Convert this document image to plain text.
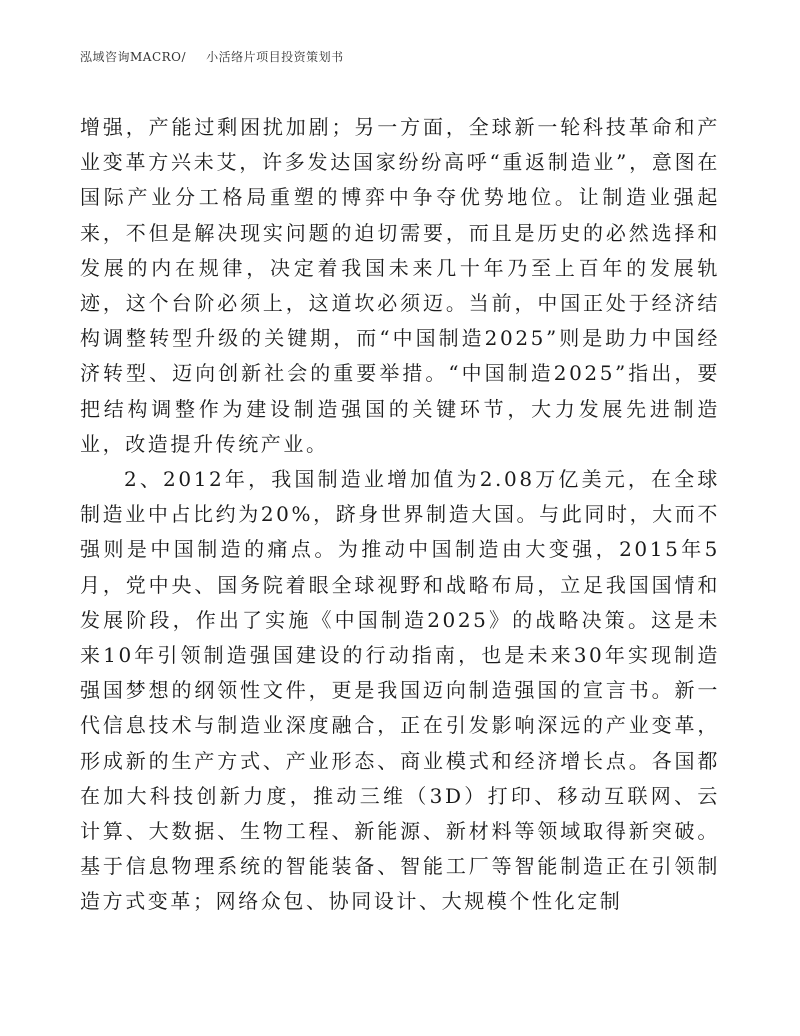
泓域咨询MACRO/ 小活络片项目投资策划书

增强，产能过剩困扰加剧；另一方面，全球新一轮科技革命和产业变革方兴未艾，许多发达国家纷纷高呼“重返制造业”，意图在国际产业分工格局重塑的博弈中争夺优势地位。让制造业强起来，不但是解决现实问题的迫切需要，而且是历史的必然选择和发展的内在规律，决定着我国未来几十年乃至上百年的发展轨迹，这个台阶必须上，这道坎必须迈。当前，中国正处于经济结构调整转型升级的关键期，而“中国制造2025”则是助力中国经济转型、迈向创新社会的重要举措。“中国制造2025”指出，要把结构调整作为建设制造强国的关键环节，大力发展先进制造业，改造提升传统产业。

2、2012年，我国制造业增加值为2.08万亿美元，在全球制造业中占比约为20%，跻身世界制造大国。与此同时，大而不强则是中国制造的痛点。为推动中国制造由大变强，2015年5月，党中央、国务院着眼全球视野和战略布局，立足我国国情和发展阶段，作出了实施《中国制造2025》的战略决策。这是未来10年引领制造强国建设的行动指南，也是未来30年实现制造强国梦想的纲领性文件，更是我国迈向制造强国的宣言书。新一代信息技术与制造业深度融合，正在引发影响深远的产业变革，形成新的生产方式、产业形态、商业模式和经济增长点。各国都在加大科技创新力度，推动三维（3D）打印、移动互联网、云计算、大数据、生物工程、新能源、新材料等领域取得新突破。基于信息物理系统的智能装备、智能工厂等智能制造正在引领制造方式变革；网络众包、协同设计、大规模个性化定制
